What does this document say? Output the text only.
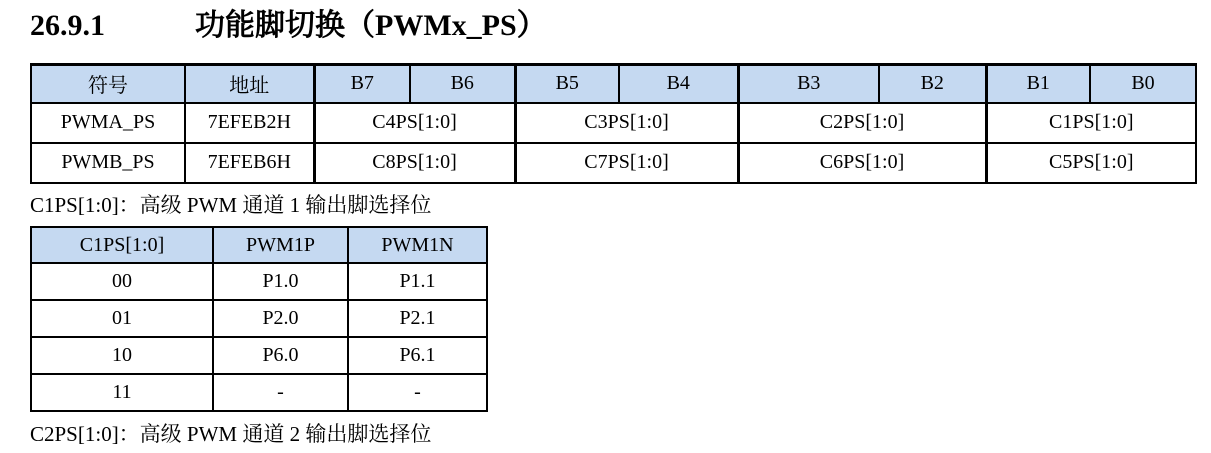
26.9.1	功能脚切换（PWMx_PS）
符号	地址	B7	B6	B5	B4	B3	B2	B1	B0
PWMA_PS	7EFEB2H	C4PS[1:0]		C3PS[1:0]		C2PS[1:0]		C1PS[1:0]	
PWMB_PS	7EFEB6H	C8PS[1:0]		C7PS[1:0]		C6PS[1:0]		C5PS[1:0]	

C1PS[1:0]：高级 PWM 通道 1 输出脚选择位

C1PS[1:0]	PWM1P	PWM1N
00	P1.0	P1.1
01	P2.0	P2.1
10	P6.0	P6.1
11	-	-

C2PS[1:0]：高级 PWM 通道 2 输出脚选择位
